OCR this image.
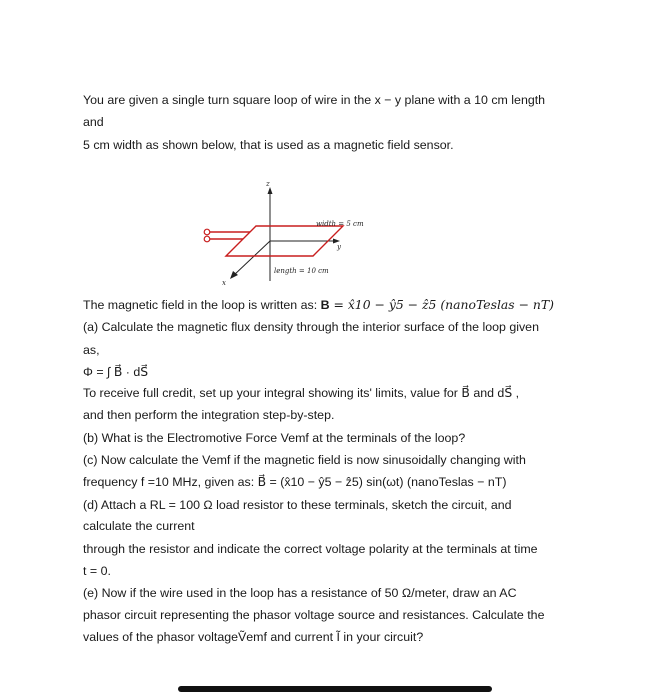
You are given a single turn square loop of wire in the x − y plane with a 10 cm length
and
5 cm width as shown below, that is used as a magnetic field sensor.
The magnetic field in the loop is written as: B = x̂10 − ŷ5 − ẑ5 (nanoTeslas − nT)
(a) Calculate the magnetic flux density through the interior surface of the loop given
as,
Φ = ∫ B⃗ · dS⃗
To receive full credit, set up your integral showing its' limits, value for B⃗ and dS⃗ ,
and then perform the integration step-by-step.
(b) What is the Electromotive Force Vemf at the terminals of the loop?
(c) Now calculate the Vemf if the magnetic field is now sinusoidally changing with
frequency f =10 MHz, given as: B⃗ = (x̂10 − ŷ5 − ẑ5) sin(ωt) (nanoTeslas − nT)
(d) Attach a RL = 100 Ω load resistor to these terminals, sketch the circuit, and
calculate the current
through the resistor and indicate the correct voltage polarity at the terminals at time
t = 0.
(e) Now if the wire used in the loop has a resistance of 50 Ω/meter, draw an AC
phasor circuit representing the phasor voltage source and resistances. Calculate the
values of the phasor voltageṼemf and current Ĩ in your circuit?
z
y
x
width = 5 cm
length = 10 cm
